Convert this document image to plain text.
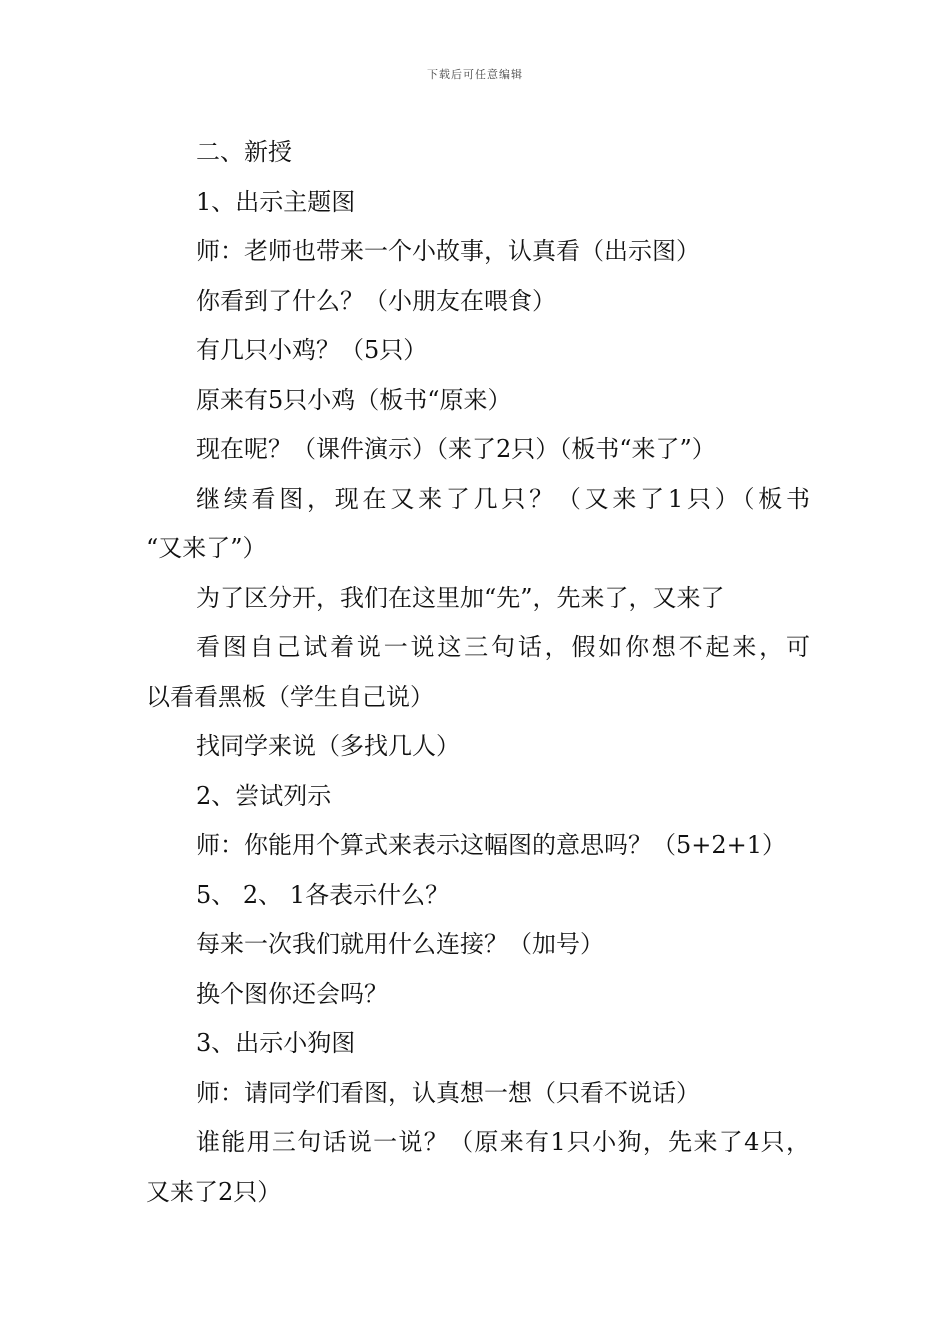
下载后可任意编辑
二、新授
1、出示主题图
师：老师也带来一个小故事，认真看（出示图）
你看到了什么？（小朋友在喂食）
有几只小鸡？（5只）
原来有5只小鸡（板书“原来）
现在呢？（课件演示）（来了2只）（板书“来了”）
继续看图，现在又来了几只？（又来了1只）（板书
“又来了”）
为了区分开，我们在这里加“先”，先来了，又来了
看图自己试着说一说这三句话，假如你想不起来，可
以看看黑板（学生自己说）
找同学来说（多找几人）
2、尝试列示
师：你能用个算式来表示这幅图的意思吗？（5+2+1）
5、 2、 1各表示什么？
每来一次我们就用什么连接？（加号）
换个图你还会吗？
3、出示小狗图
师：请同学们看图，认真想一想（只看不说话）
谁能用三句话说一说？（原来有1只小狗，先来了4只，
又来了2只）
